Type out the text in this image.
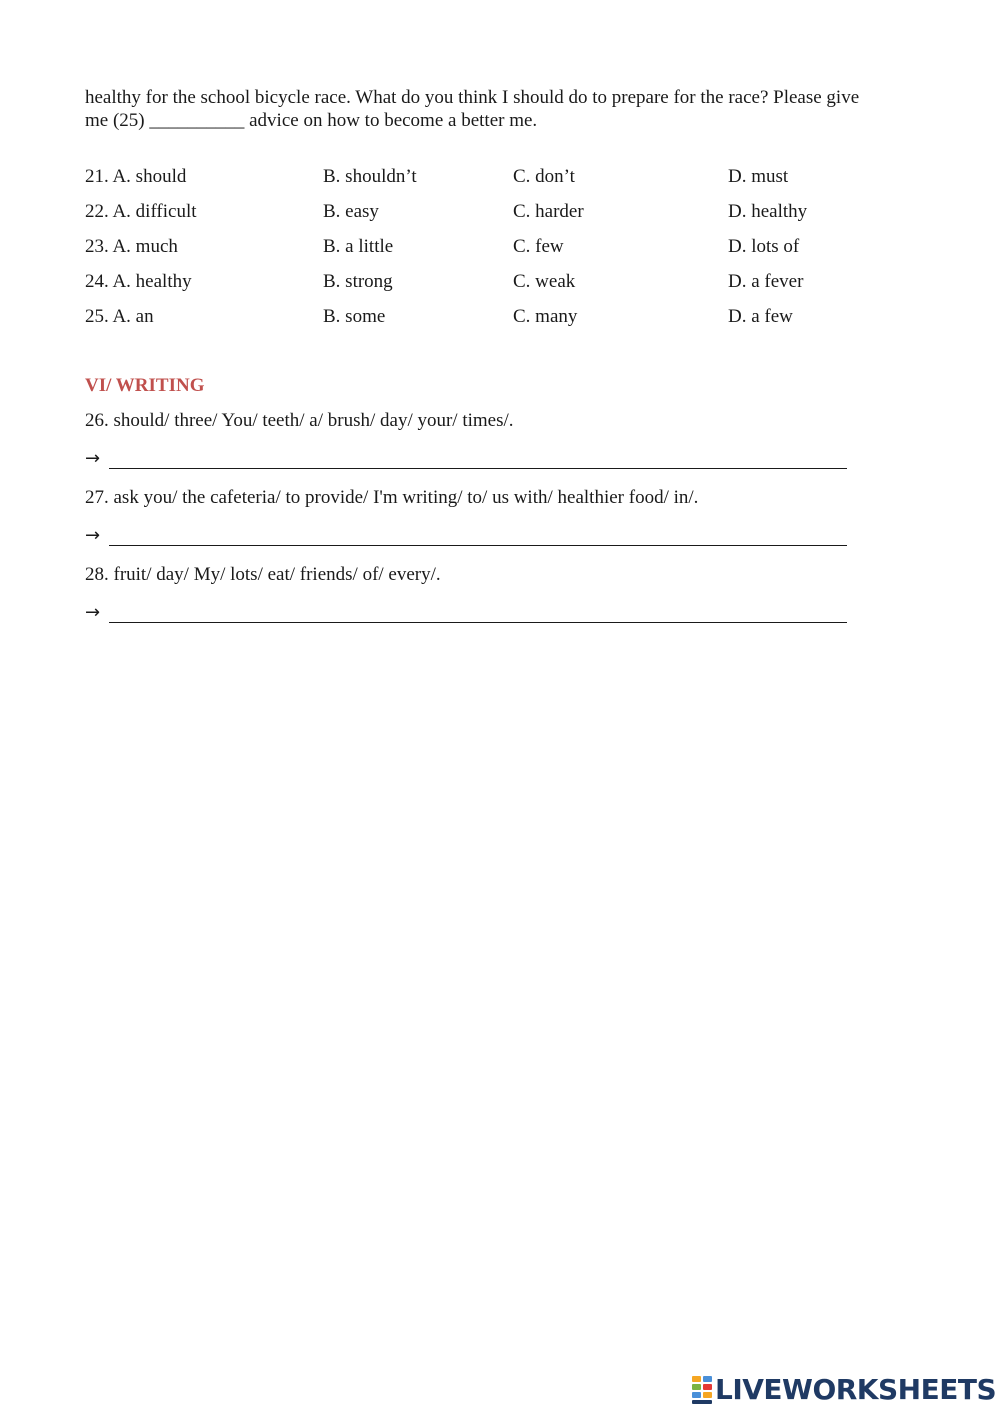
healthy for the school bicycle race. What do you think I should do to prepare for the race? Please give

me (25) __________ advice on how to become a better me.

21. A. should	B. shouldn’t	C. don’t	D. must
22. A. difficult	B. easy	C. harder	D. healthy
23. A. much	B. a little	C. few	D. lots of
24. A. healthy	B. strong	C. weak	D. a fever
25. A. an	B. some	C. many	D. a few
VI/ WRITING
26. should/ three/ You/ teeth/ a/ brush/ day/ your/ times/.
→
27. ask you/ the cafeteria/ to provide/ I'm writing/ to/ us with/ healthier food/ in/.
→
28. fruit/ day/ My/ lots/ eat/ friends/ of/ every/.
→
LIVEWORKSHEETS
